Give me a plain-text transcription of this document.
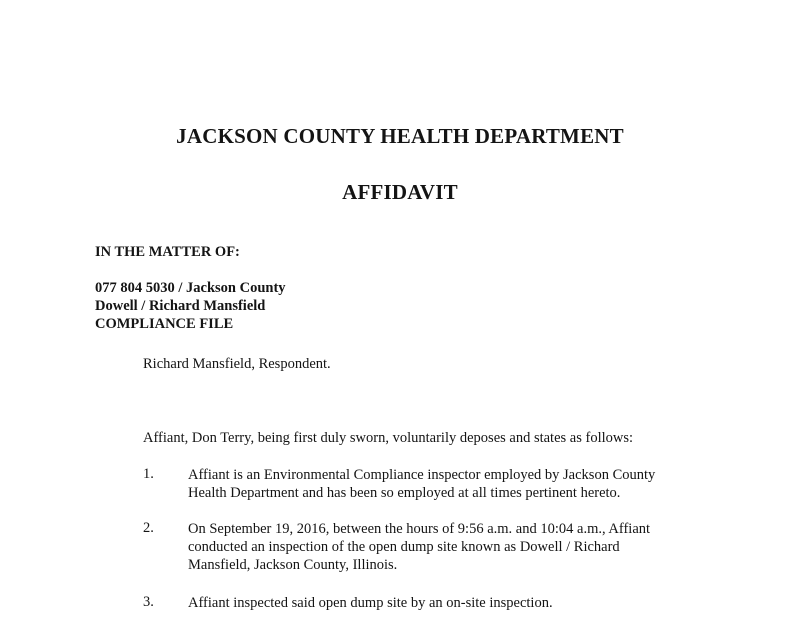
JACKSON COUNTY HEALTH DEPARTMENT
AFFIDAVIT
IN THE MATTER OF:
077 804 5030 / Jackson County
Dowell / Richard Mansfield
COMPLIANCE FILE
Richard Mansfield, Respondent.
Affiant, Don Terry, being first duly sworn, voluntarily deposes and states as follows:
1. Affiant is an Environmental Compliance inspector employed by Jackson County
Health Department and has been so employed at all times pertinent hereto.
2. On September 19, 2016, between the hours of 9:56 a.m. and 10:04 a.m., Affiant
conducted an inspection of the open dump site known as Dowell / Richard
Mansfield, Jackson County, Illinois.
3. Affiant inspected said open dump site by an on-site inspection.
